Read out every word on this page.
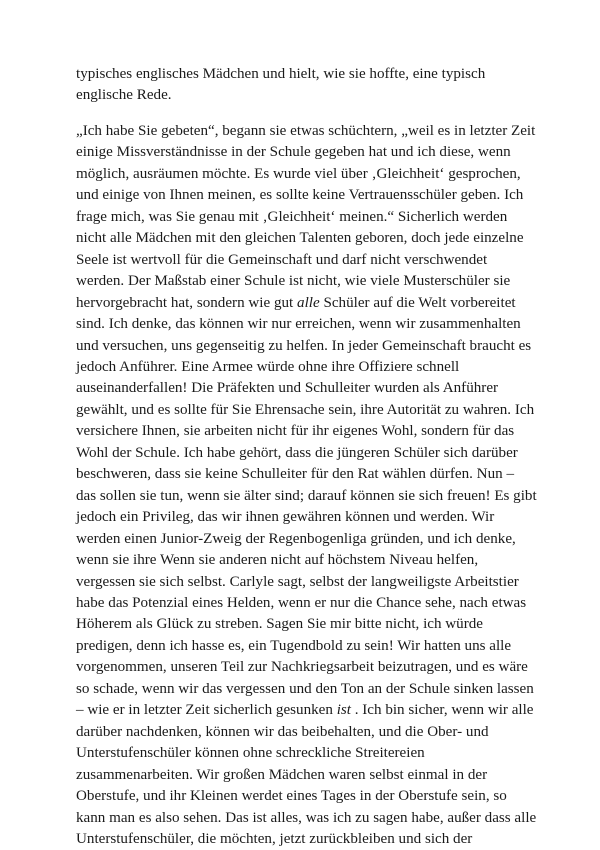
typisches englisches Mädchen und hielt, wie sie hoffte, eine typisch
englische Rede.
„Ich habe Sie gebeten“, begann sie etwas schüchtern, „weil es in letzter Zeit
einige Missverständnisse in der Schule gegeben hat und ich diese, wenn
möglich, ausräumen möchte. Es wurde viel über ‚Gleichheit‘ gesprochen,
und einige von Ihnen meinen, es sollte keine Vertrauensschüler geben. Ich
frage mich, was Sie genau mit ‚Gleichheit‘ meinen.“ Sicherlich werden
nicht alle Mädchen mit den gleichen Talenten geboren, doch jede einzelne
Seele ist wertvoll für die Gemeinschaft und darf nicht verschwendet
werden. Der Maßstab einer Schule ist nicht, wie viele Musterschüler sie
hervorgebracht hat, sondern wie gut alle Schüler auf die Welt vorbereitet
sind. Ich denke, das können wir nur erreichen, wenn wir zusammenhalten
und versuchen, uns gegenseitig zu helfen. In jeder Gemeinschaft braucht es
jedoch Anführer. Eine Armee würde ohne ihre Offiziere schnell
auseinanderfallen! Die Präfekten und Schulleiter wurden als Anführer
gewählt, und es sollte für Sie Ehrensache sein, ihre Autorität zu wahren. Ich
versichere Ihnen, sie arbeiten nicht für ihr eigenes Wohl, sondern für das
Wohl der Schule. Ich habe gehört, dass die jüngeren Schüler sich darüber
beschweren, dass sie keine Schulleiter für den Rat wählen dürfen. Nun –
das sollen sie tun, wenn sie älter sind; darauf können sie sich freuen! Es gibt
jedoch ein Privileg, das wir ihnen gewähren können und werden. Wir
werden einen Junior-Zweig der Regenbogenliga gründen, und ich denke,
wenn sie ihre Wenn sie anderen nicht auf höchstem Niveau helfen,
vergessen sie sich selbst. Carlyle sagt, selbst der langweiligste Arbeitstier
habe das Potenzial eines Helden, wenn er nur die Chance sehe, nach etwas
Höherem als Glück zu streben. Sagen Sie mir bitte nicht, ich würde
predigen, denn ich hasse es, ein Tugendbold zu sein! Wir hatten uns alle
vorgenommen, unseren Teil zur Nachkriegsarbeit beizutragen, und es wäre
so schade, wenn wir das vergessen und den Ton an der Schule sinken lassen
– wie er in letzter Zeit sicherlich gesunken ist . Ich bin sicher, wenn wir alle
darüber nachdenken, können wir das beibehalten, und die Ober- und
Unterstufenschüler können ohne schreckliche Streitereien
zusammenarbeiten. Wir großen Mädchen waren selbst einmal in der
Oberstufe, und ihr Kleinen werdet eines Tages in der Oberstufe sein, so
kann man es also sehen. Das ist alles, was ich zu sagen habe, außer dass alle
Unterstufenschüler, die möchten, jetzt zurückbleiben und sich der
